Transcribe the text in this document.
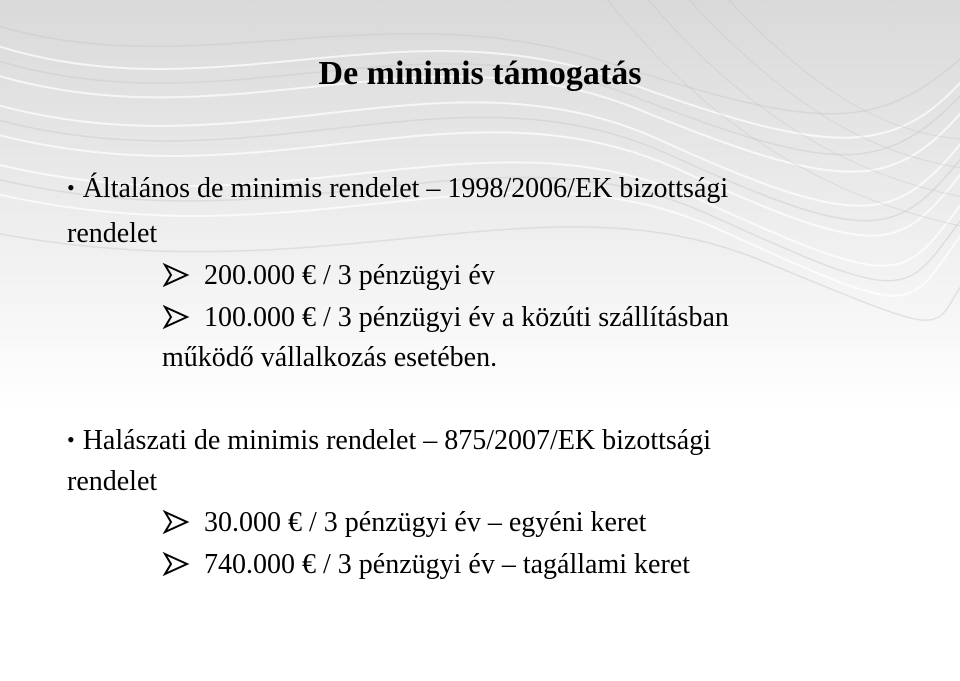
De minimis támogatás
• Általános de minimis rendelet – 1998/2006/EK bizottsági
rendelet
200.000 € / 3 pénzügyi év
100.000 € / 3 pénzügyi év a közúti szállításban
működő vállalkozás esetében.
• Halászati de minimis rendelet – 875/2007/EK bizottsági
rendelet
30.000 € / 3 pénzügyi év – egyéni keret
740.000 € / 3 pénzügyi év – tagállami keret
